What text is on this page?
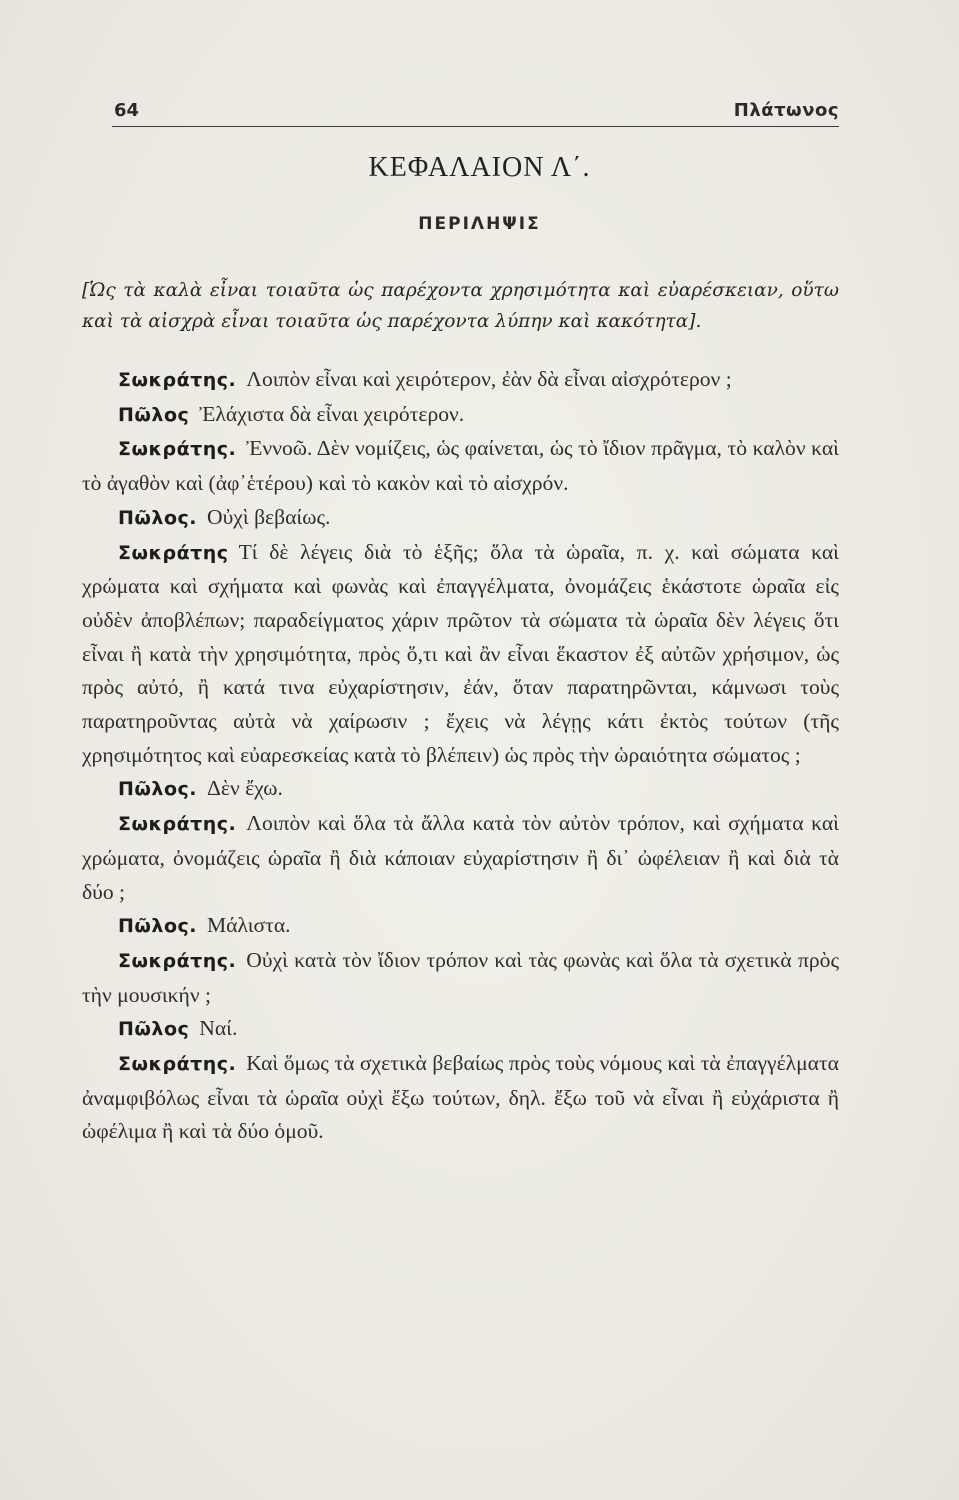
64	Πλάτωνος
ΚΕΦΑΛΑΙΟΝ Λ΄.
ΠΕΡΙΛΗΨΙΣ

[Ὡς τὰ καλὰ εἶναι τοιαῦτα ὡς παρέχοντα χρησιμότητα καὶ εὐαρέσκειαν, οὕτω καὶ τὰ αἰσχρὰ εἶναι τοιαῦτα ὡς παρέχοντα λύπην καὶ κακότητα].

Σωκράτης. Λοιπὸν εἶναι καὶ χειρότερον, ἐὰν δὰ εἶναι αἰσχρότερον ;

Πῶλος Ἐλάχιστα δὰ εἶναι χειρότερον.

Σωκράτης. Ἐννοῶ. Δὲν νομίζεις, ὡς φαίνεται, ὡς τὸ ἴδιον πρᾶγμα, τὸ καλὸν καὶ τὸ ἀγαθὸν καὶ (ἀφ᾿ἑτέρου) καὶ τὸ κακὸν καὶ τὸ αἰσχρόν.

Πῶλος. Οὐχὶ βεβαίως.

Σωκράτης Τί δὲ λέγεις διὰ τὸ ἑξῆς; ὅλα τὰ ὡραῖα, π. χ. καὶ σώματα καὶ χρώματα καὶ σχήματα καὶ φωνὰς καὶ ἐπαγγέλματα, ὀνομάζεις ἑκάστοτε ὡραῖα εἰς οὐδὲν ἀποβλέπων; παραδείγματος χάριν πρῶτον τὰ σώματα τὰ ὡραῖα δὲν λέγεις ὅτι εἶναι ἢ κατὰ τὴν χρησιμότητα, πρὸς ὅ,τι καὶ ἂν εἶναι ἕκαστον ἐξ αὐτῶν χρήσιμον, ὡς πρὸς αὐτό, ἢ κατά τινα εὐχαρίστησιν, ἐάν, ὅταν παρατηρῶνται, κάμνωσι τοὺς παρατηροῦντας αὐτὰ νὰ χαίρωσιν ; ἔχεις νὰ λέγῃς κάτι ἐκτὸς τούτων (τῆς χρησιμότητος καὶ εὐαρεσκείας κατὰ τὸ βλέπειν) ὡς πρὸς τὴν ὡραιότητα σώματος ;

Πῶλος. Δὲν ἔχω.

Σωκράτης. Λοιπὸν καὶ ὅλα τὰ ἄλλα κατὰ τὸν αὐτὸν τρόπον, καὶ σχήματα καὶ χρώματα, ὀνομάζεις ὡραῖα ἢ διὰ κάποιαν εὐχαρίστησιν ἢ δι᾿ ὠφέλειαν ἢ καὶ διὰ τὰ δύο ;

Πῶλος. Μάλιστα.

Σωκράτης. Οὐχὶ κατὰ τὸν ἴδιον τρόπον καὶ τὰς φωνὰς καὶ ὅλα τὰ σχετικὰ πρὸς τὴν μουσικήν ;

Πῶλος Ναί.

Σωκράτης. Καὶ ὅμως τὰ σχετικὰ βεβαίως πρὸς τοὺς νόμους καὶ τὰ ἐπαγγέλματα ἀναμφιβόλως εἶναι τὰ ὡραῖα οὐχὶ ἔξω τούτων, δηλ. ἔξω τοῦ νὰ εἶναι ἢ εὐχάριστα ἢ ὠφέλιμα ἢ καὶ τὰ δύο ὁμοῦ.
